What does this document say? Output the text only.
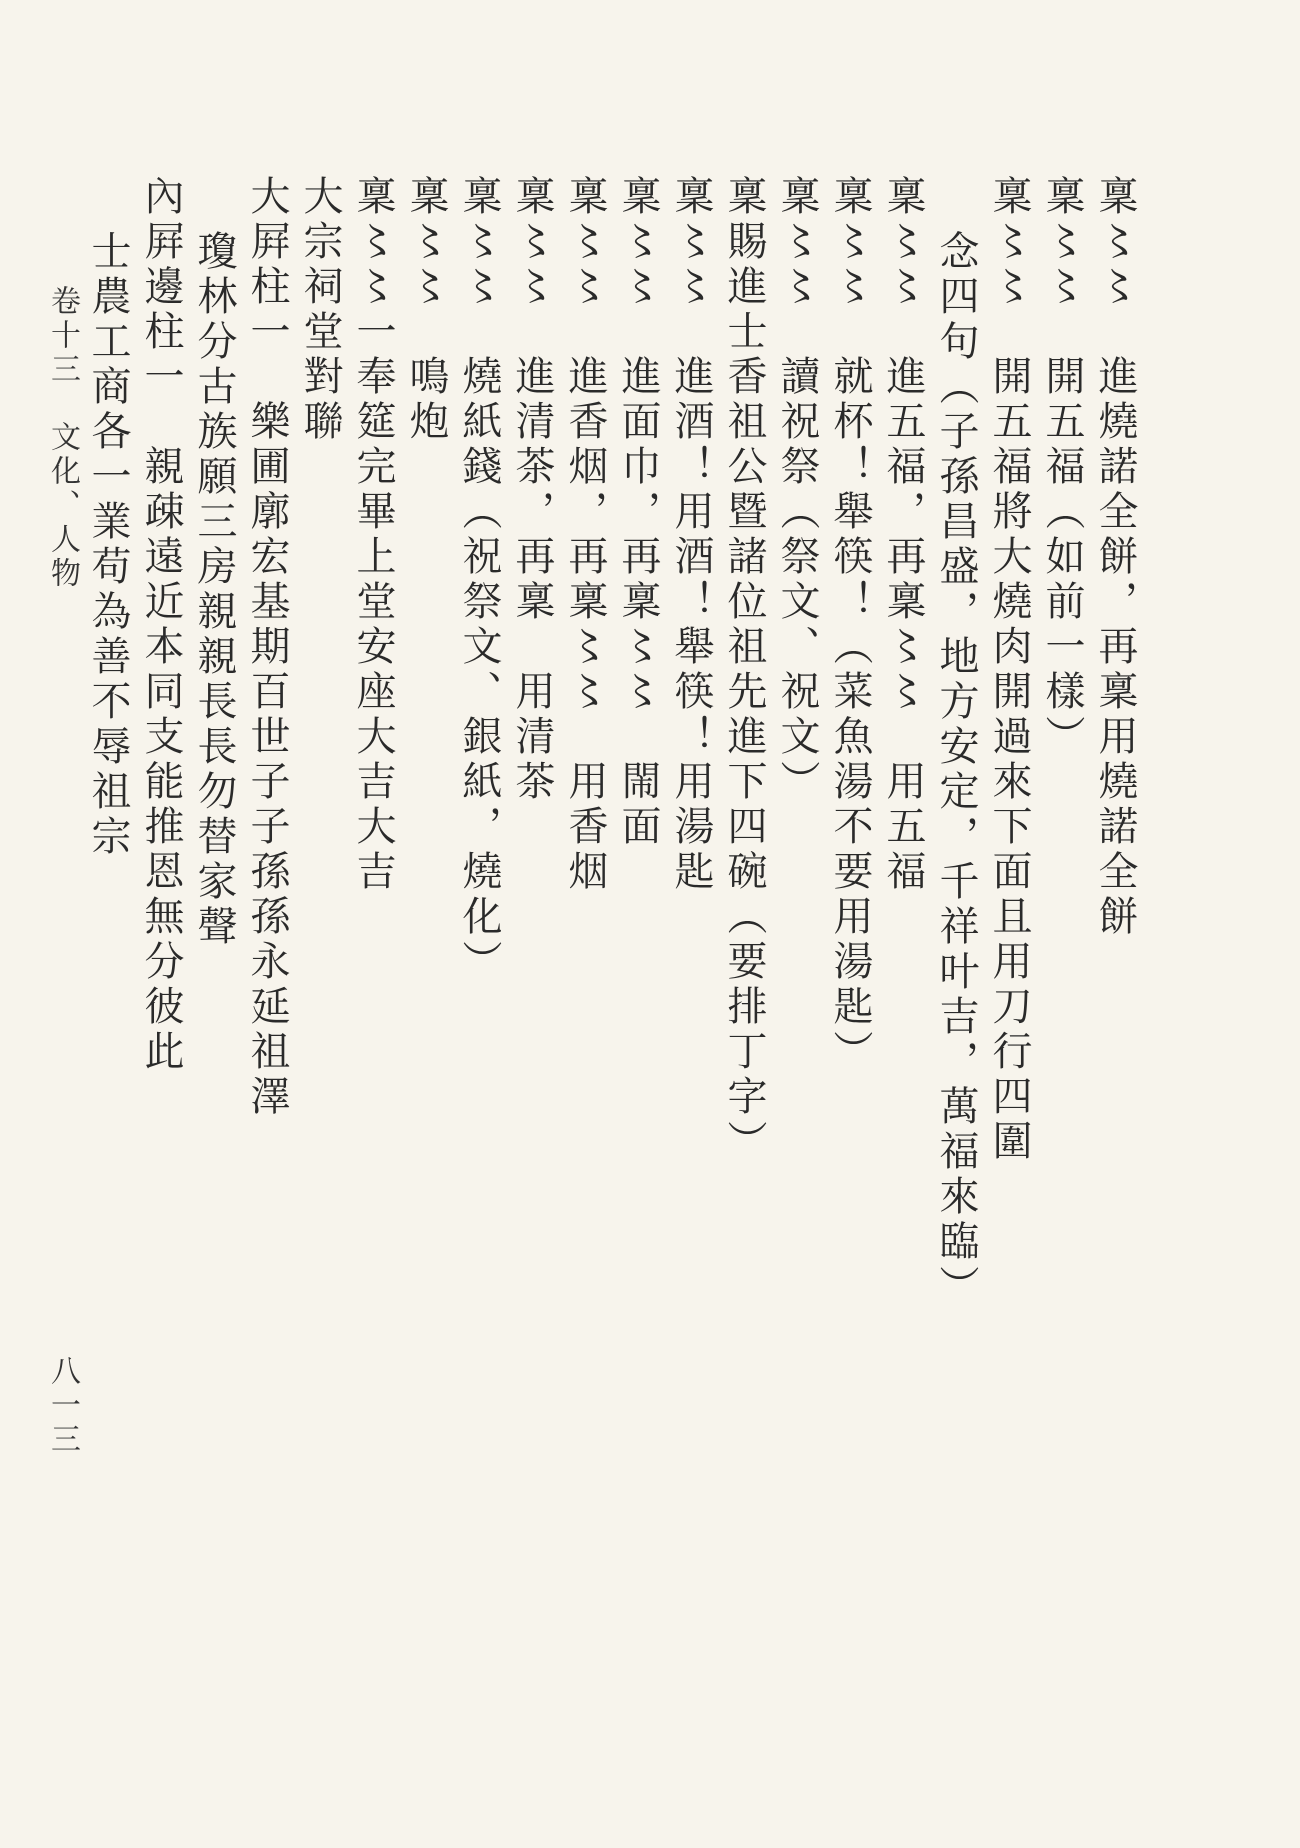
稟〻〻　進燒諾全餅，再稟用燒諾全餅
稟〻〻　開五福（如前一樣）
稟〻〻　開五福將大燒肉開過來下面且用刀行四圍
念四句（子孫昌盛，地方安定，千祥叶吉，萬福來臨）
稟〻〻　進五福，再稟〻〻　用五福
稟〻〻　就杯！舉筷！（菜魚湯不要用湯匙）
稟〻〻　讀祝祭（祭文、祝文）
稟賜進士香祖公暨諸位祖先進下四碗（要排丁字）
稟〻〻　進酒！用酒！舉筷！用湯匙
稟〻〻　進面巾，再稟〻〻　閙面
稟〻〻　進香烟，再稟〻〻　用香烟
稟〻〻　進清茶，再稟　用清茶
稟〻〻　燒紙錢（祝祭文、銀紙，燒化）
稟〻〻　鳴炮
稟〻〻一奉筵完畢上堂安座大吉大吉
大宗祠堂對聯
大屛柱一　樂圃廓宏基期百世子子孫孫永延祖澤
瓊林分古族願三房親親長長勿替家聲
內屛邊柱一　親疎遠近本同支能推恩無分彼此
士農工商各一業苟為善不辱祖宗
卷十三　文化、人物
八一三
